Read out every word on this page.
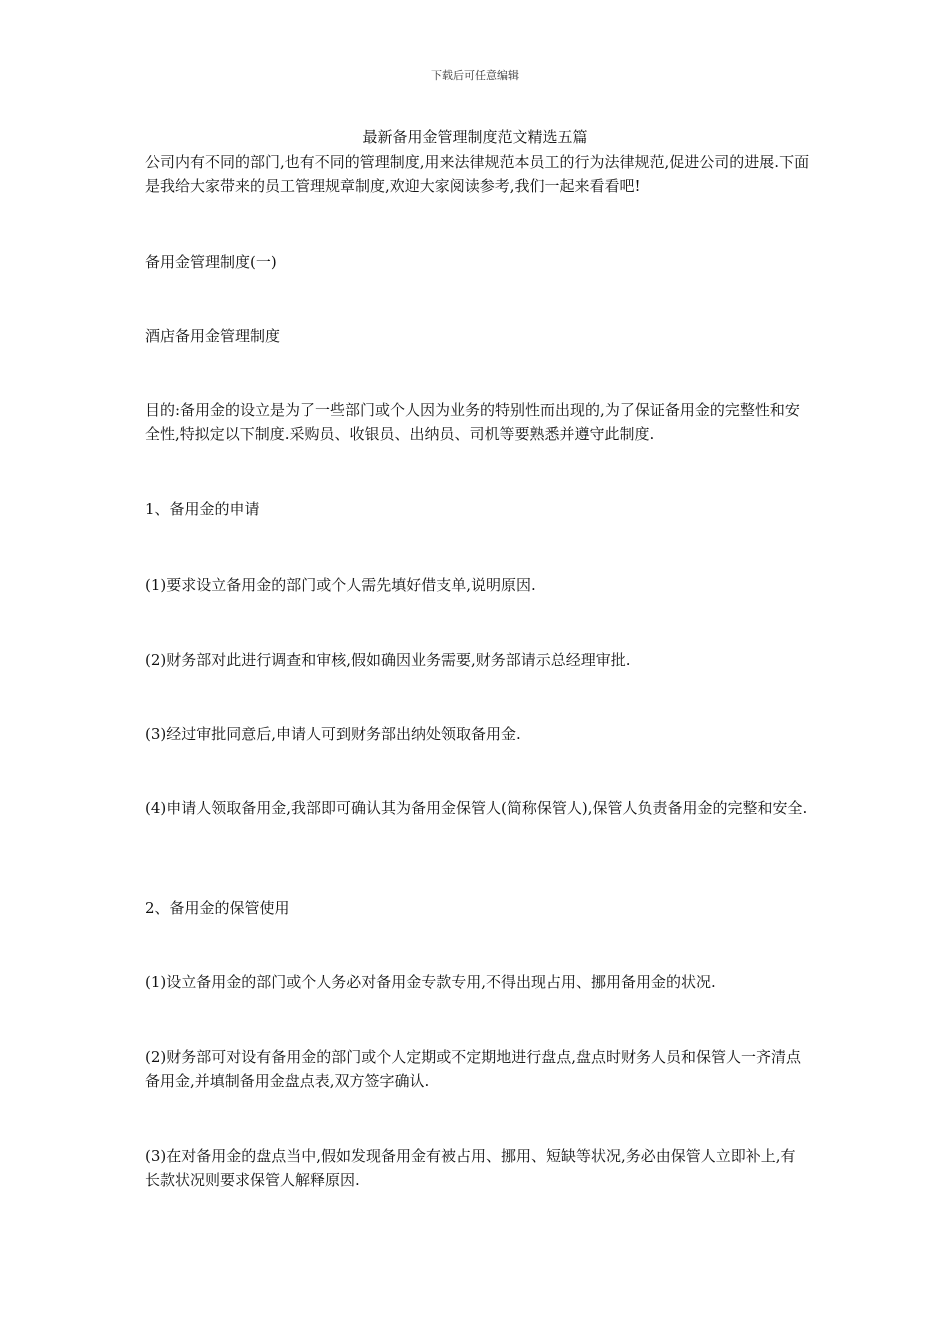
下载后可任意编辑
最新备用金管理制度范文精选五篇

公司内有不同的部门,也有不同的管理制度,用来法律规范本员工的行为法律规范,促进公司的进展.下面是我给大家带来的员工管理规章制度,欢迎大家阅读参考,我们一起来看看吧!

备用金管理制度(一)

酒店备用金管理制度

目的:备用金的设立是为了一些部门或个人因为业务的特别性而出现的,为了保证备用金的完整性和安全性,特拟定以下制度.采购员、收银员、出纳员、司机等要熟悉并遵守此制度.

1、备用金的申请

(1)要求设立备用金的部门或个人需先填好借支单,说明原因.

(2)财务部对此进行调查和审核,假如确因业务需要,财务部请示总经理审批.

(3)经过审批同意后,申请人可到财务部出纳处领取备用金.

(4)申请人领取备用金,我部即可确认其为备用金保管人(简称保管人),保管人负责备用金的完整和安全.

2、备用金的保管使用

(1)设立备用金的部门或个人务必对备用金专款专用,不得出现占用、挪用备用金的状况.

(2)财务部可对设有备用金的部门或个人定期或不定期地进行盘点,盘点时财务人员和保管人一齐清点备用金,并填制备用金盘点表,双方签字确认.

(3)在对备用金的盘点当中,假如发现备用金有被占用、挪用、短缺等状况,务必由保管人立即补上,有长款状况则要求保管人解释原因.
